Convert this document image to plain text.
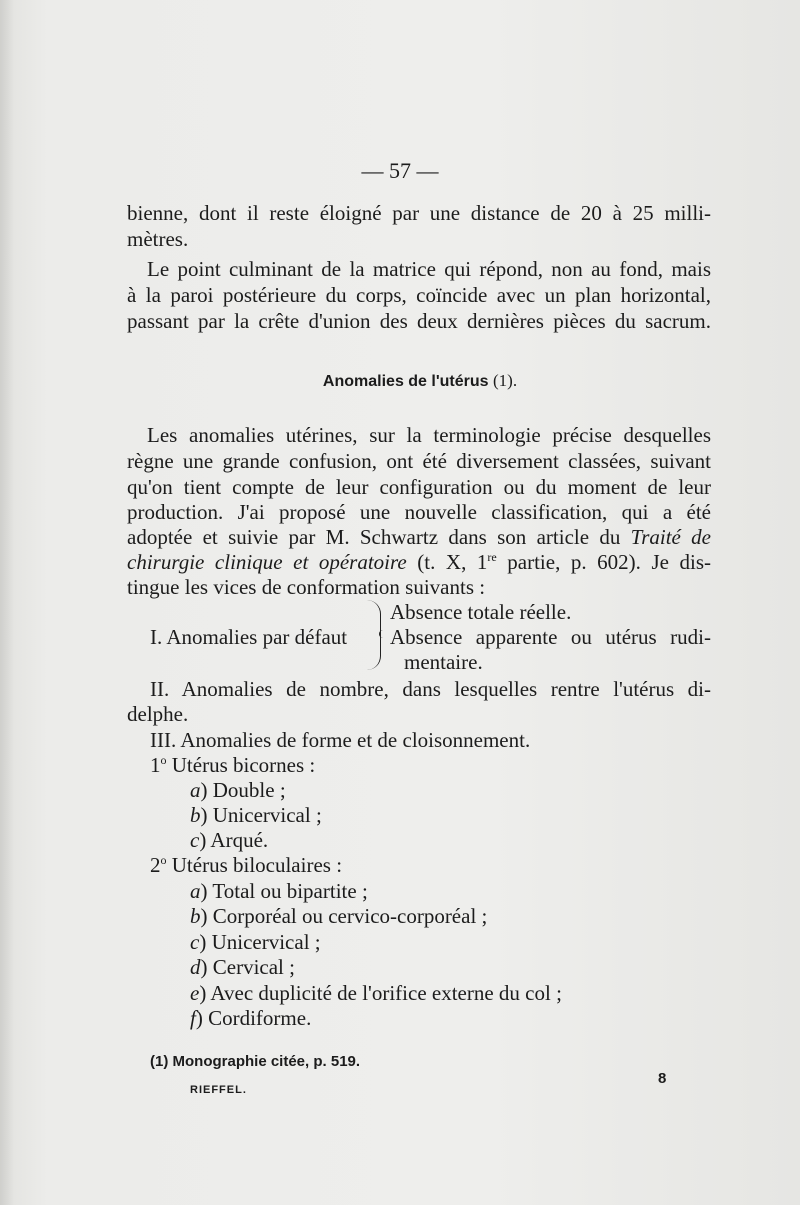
— 57 —
bienne, dont il reste éloigné par une distance de 20 à 25 milli-
mètres.
Le point culminant de la matrice qui répond, non au fond, mais
à la paroi postérieure du corps, coïncide avec un plan horizontal,
passant par la crête d'union des deux dernières pièces du sacrum.
Anomalies de l'utérus (1).
Les anomalies utérines, sur la terminologie précise desquelles
règne une grande confusion, ont été diversement classées, suivant
qu'on tient compte de leur configuration ou du moment de leur
production. J'ai proposé une nouvelle classification, qui a été
adoptée et suivie par M. Schwartz dans son article du Traité de
chirurgie clinique et opératoire (t. X, 1re partie, p. 602). Je dis-
tingue les vices de conformation suivants :
Absence totale réelle.
I. Anomalies par défaut Absence apparente ou utérus rudi-
mentaire.
II. Anomalies de nombre, dans lesquelles rentre l'utérus di-
delphe.
III. Anomalies de forme et de cloisonnement.
1$^o$ Utérus bicornes :
a) Double ;
b) Unicervical ;
c) Arqué.
2$^o$ Utérus biloculaires :
a) Total ou bipartite ;
b) Corporéal ou cervico-corporéal ;
c) Unicervical ;
d) Cervical ;
e) Avec duplicité de l'orifice externe du col ;
f) Cordiforme.
(1) Monographie citée, p. 519.
RIEFFEL.
8
